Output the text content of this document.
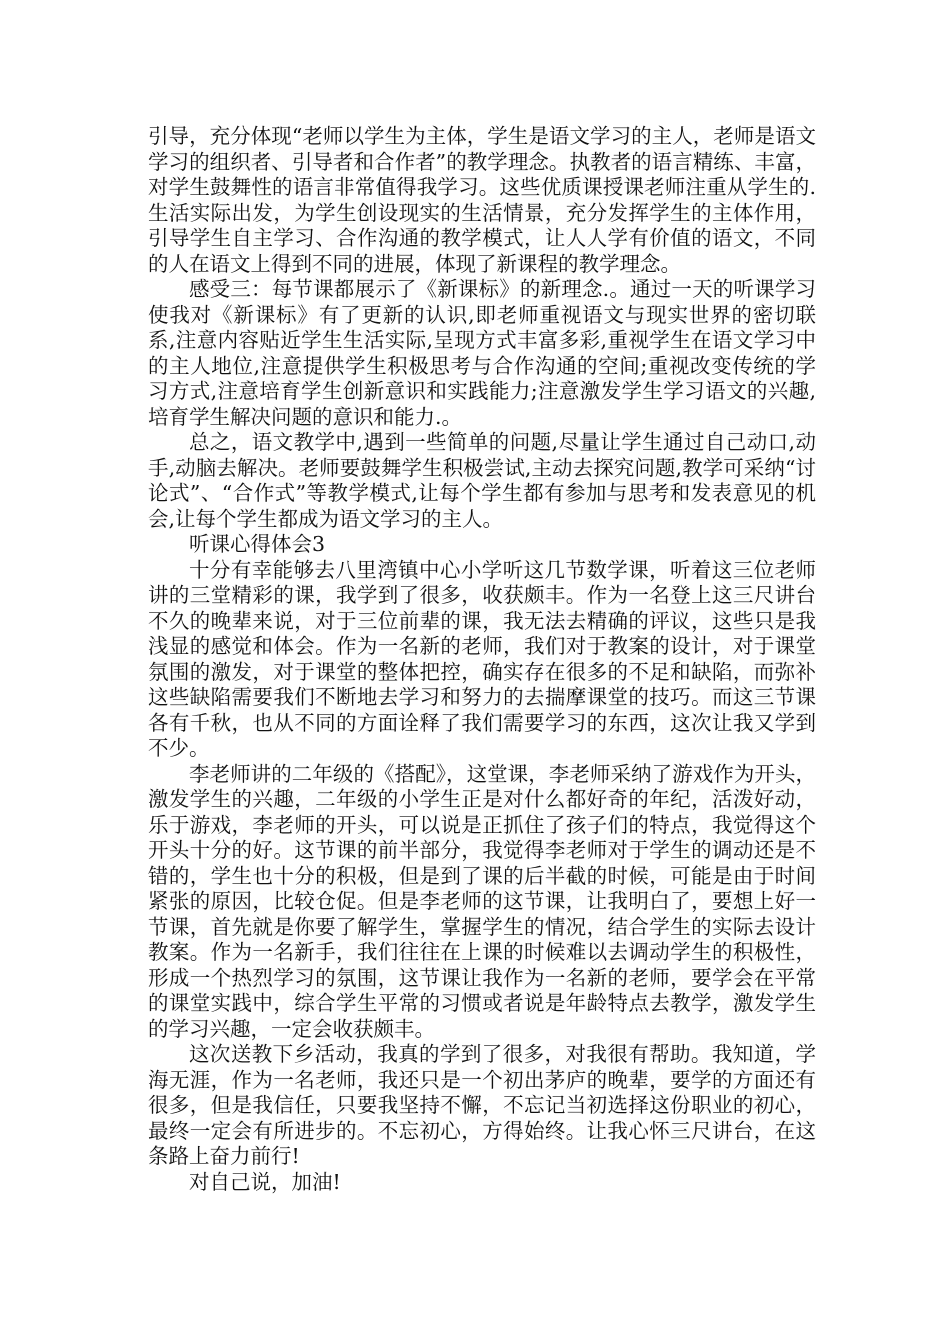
引导，充分体现“老师以学生为主体，学生是语文学习的主人，老师是语文学习的组织者、引导者和合作者”的教学理念。执教者的语言精练、丰富，对学生鼓舞性的语言非常值得我学习。这些优质课授课老师注重从学生的.生活实际出发，为学生创设现实的生活情景，充分发挥学生的主体作用，引导学生自主学习、合作沟通的教学模式，让人人学有价值的语文，不同的人在语文上得到不同的进展，体现了新课程的教学理念。

感受三：每节课都展示了《新课标》的新理念.。通过一天的听课学习使我对《新课标》有了更新的认识,即老师重视语文与现实世界的密切联系,注意内容贴近学生生活实际,呈现方式丰富多彩,重视学生在语文学习中的主人地位,注意提供学生积极思考与合作沟通的空间;重视改变传统的学习方式,注意培育学生创新意识和实践能力;注意激发学生学习语文的兴趣,培育学生解决问题的意识和能力.。

总之，语文教学中,遇到一些简单的问题,尽量让学生通过自己动口,动手,动脑去解决。老师要鼓舞学生积极尝试,主动去探究问题,教学可采纳“讨论式”、“合作式”等教学模式,让每个学生都有参加与思考和发表意见的机会,让每个学生都成为语文学习的主人。

听课心得体会3

十分有幸能够去八里湾镇中心小学听这几节数学课，听着这三位老师讲的三堂精彩的课，我学到了很多，收获颇丰。作为一名登上这三尺讲台不久的晚辈来说，对于三位前辈的课，我无法去精确的评议，这些只是我浅显的感觉和体会。作为一名新的老师，我们对于教案的设计，对于课堂氛围的激发，对于课堂的整体把控，确实存在很多的不足和缺陷，而弥补这些缺陷需要我们不断地去学习和努力的去揣摩课堂的技巧。而这三节课各有千秋，也从不同的方面诠释了我们需要学习的东西，这次让我又学到不少。

李老师讲的二年级的《搭配》，这堂课，李老师采纳了游戏作为开头，激发学生的兴趣，二年级的小学生正是对什么都好奇的年纪，活泼好动，乐于游戏，李老师的开头，可以说是正抓住了孩子们的特点，我觉得这个开头十分的好。这节课的前半部分，我觉得李老师对于学生的调动还是不错的，学生也十分的积极，但是到了课的后半截的时候，可能是由于时间紧张的原因，比较仓促。但是李老师的这节课，让我明白了，要想上好一节课，首先就是你要了解学生，掌握学生的情况，结合学生的实际去设计教案。作为一名新手，我们往往在上课的时候难以去调动学生的积极性，形成一个热烈学习的氛围，这节课让我作为一名新的老师，要学会在平常的课堂实践中，综合学生平常的习惯或者说是年龄特点去教学，激发学生的学习兴趣，一定会收获颇丰。

这次送教下乡活动，我真的学到了很多，对我很有帮助。我知道，学海无涯，作为一名老师，我还只是一个初出茅庐的晚辈，要学的方面还有很多，但是我信任，只要我坚持不懈，不忘记当初选择这份职业的初心，最终一定会有所进步的。不忘初心，方得始终。让我心怀三尺讲台，在这条路上奋力前行!

对自己说，加油!
